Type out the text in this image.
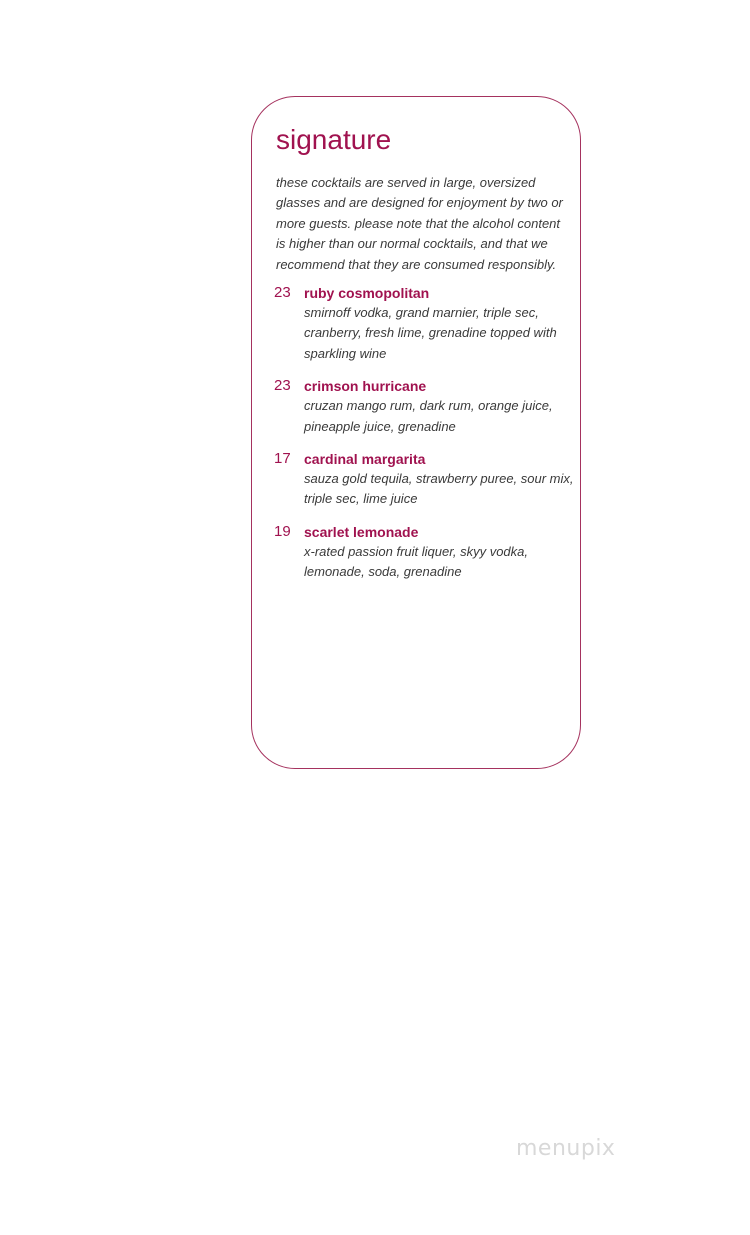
signature

these cocktails are served in large, oversized glasses and are designed for enjoyment by two or more guests. please note that the alcohol content is higher than our normal cocktails, and that we recommend that they are consumed responsibly.

23 ruby cosmopolitan
smirnoff vodka, grand marnier, triple sec, cranberry, fresh lime, grenadine topped with sparkling wine
23 crimson hurricane
cruzan mango rum, dark rum, orange juice, pineapple juice, grenadine
17 cardinal margarita
sauza gold tequila, strawberry puree, sour mix, triple sec, lime juice
19 scarlet lemonade
x-rated passion fruit liquer, skyy vodka, lemonade, soda, grenadine
menupix
